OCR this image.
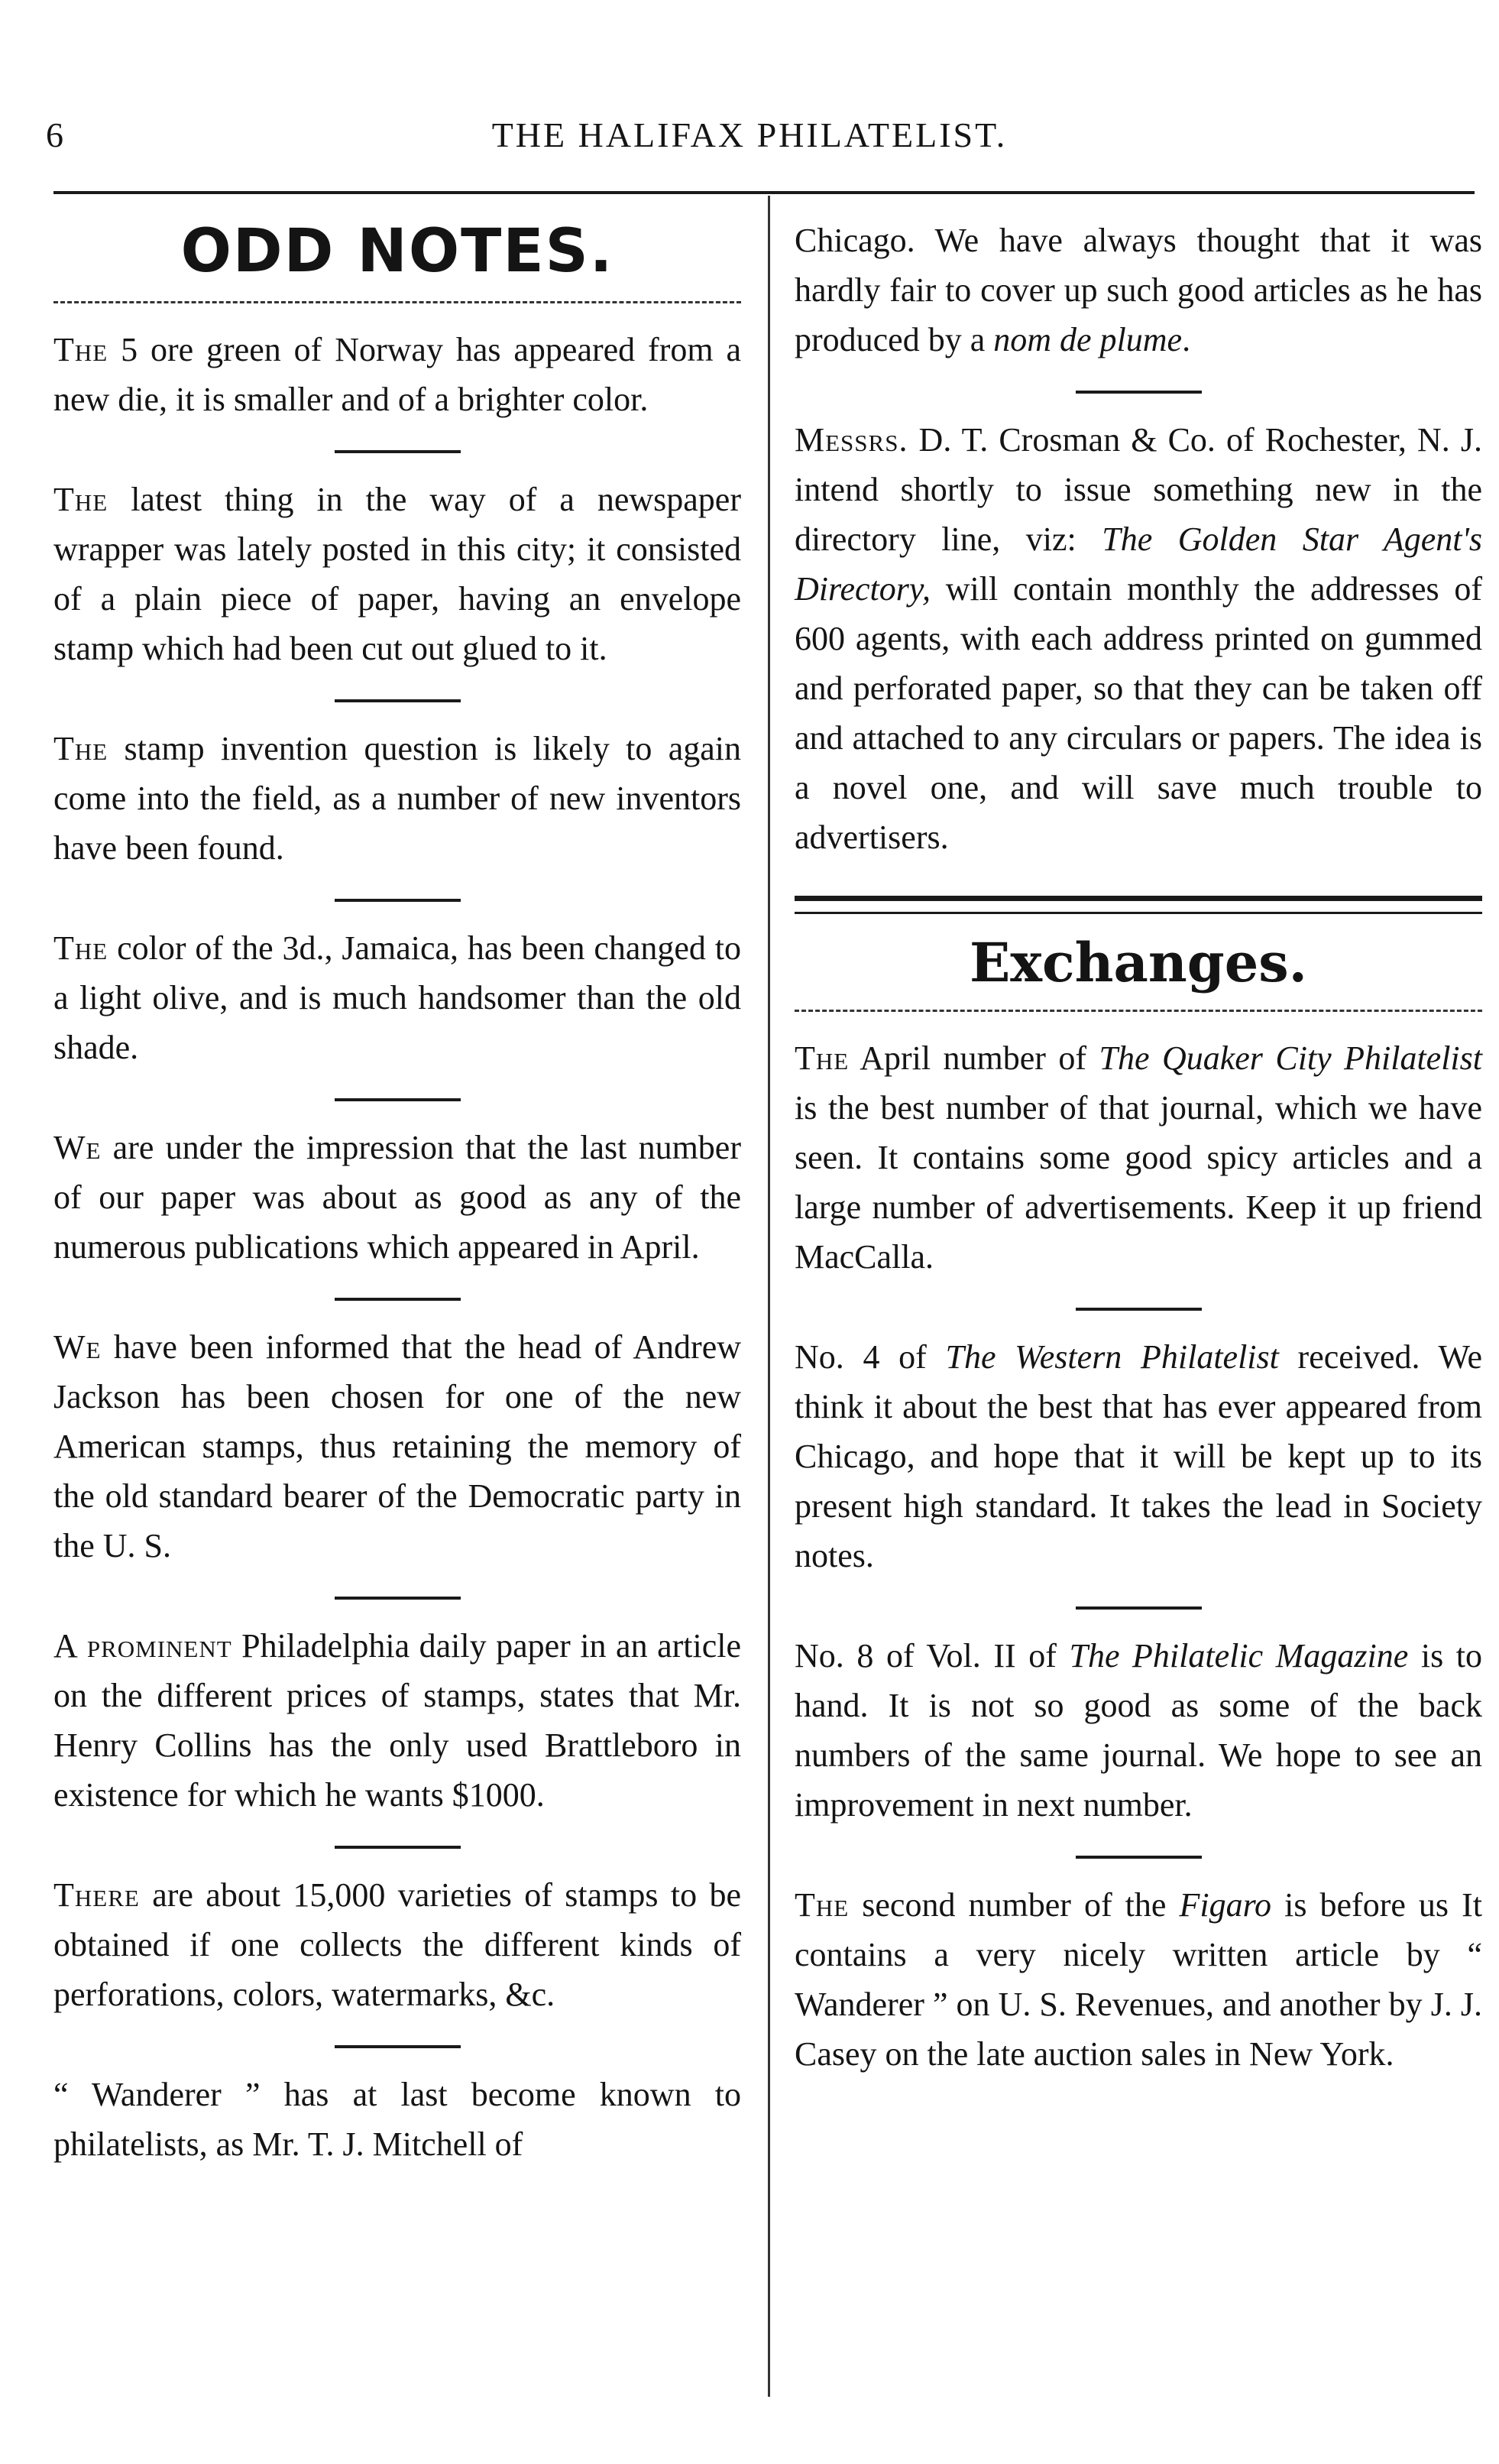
6	THE HALIFAX PHILATELIST.
ODD NOTES.

The 5 ore green of Norway has appeared from a new die, it is smaller and of a brighter color.

The latest thing in the way of a newspaper wrapper was lately posted in this city; it consisted of a plain piece of paper, having an envelope stamp which had been cut out glued to it.

The stamp invention question is likely to again come into the field, as a number of new inventors have been found.

The color of the 3d., Jamaica, has been changed to a light olive, and is much handsomer than the old shade.

We are under the impression that the last number of our paper was about as good as any of the numerous publications which appeared in April.

We have been informed that the head of Andrew Jackson has been chosen for one of the new American stamps, thus retaining the memory of the old standard bearer of the Democratic party in the U. S.

A prominent Philadelphia daily paper in an article on the different prices of stamps, states that Mr. Henry Collins has the only used Brattleboro in existence for which he wants $1000.

There are about 15,000 varieties of stamps to be obtained if one collects the different kinds of perforations, colors, watermarks, &c.

“ Wanderer ” has at last become known to philatelists, as Mr. T. J. Mitchell of

Chicago. We have always thought that it was hardly fair to cover up such good articles as he has produced by a nom de plume.

Messrs. D. T. Crosman & Co. of Rochester, N. J. intend shortly to issue something new in the directory line, viz: The Golden Star Agent's Directory, will contain monthly the addresses of 600 agents, with each address printed on gummed and perforated paper, so that they can be taken off and attached to any circulars or papers. The idea is a novel one, and will save much trouble to advertisers.

Exchanges.

The April number of The Quaker City Philatelist is the best number of that journal, which we have seen. It contains some good spicy articles and a large number of advertisements. Keep it up friend MacCalla.

No. 4 of The Western Philatelist received. We think it about the best that has ever appeared from Chicago, and hope that it will be kept up to its present high standard. It takes the lead in Society notes.

No. 8 of Vol. II of The Philatelic Magazine is to hand. It is not so good as some of the back numbers of the same journal. We hope to see an improvement in next number.

The second number of the Figaro is before us It contains a very nicely written article by “ Wanderer ” on U. S. Revenues, and another by J. J. Casey on the late auction sales in New York.
